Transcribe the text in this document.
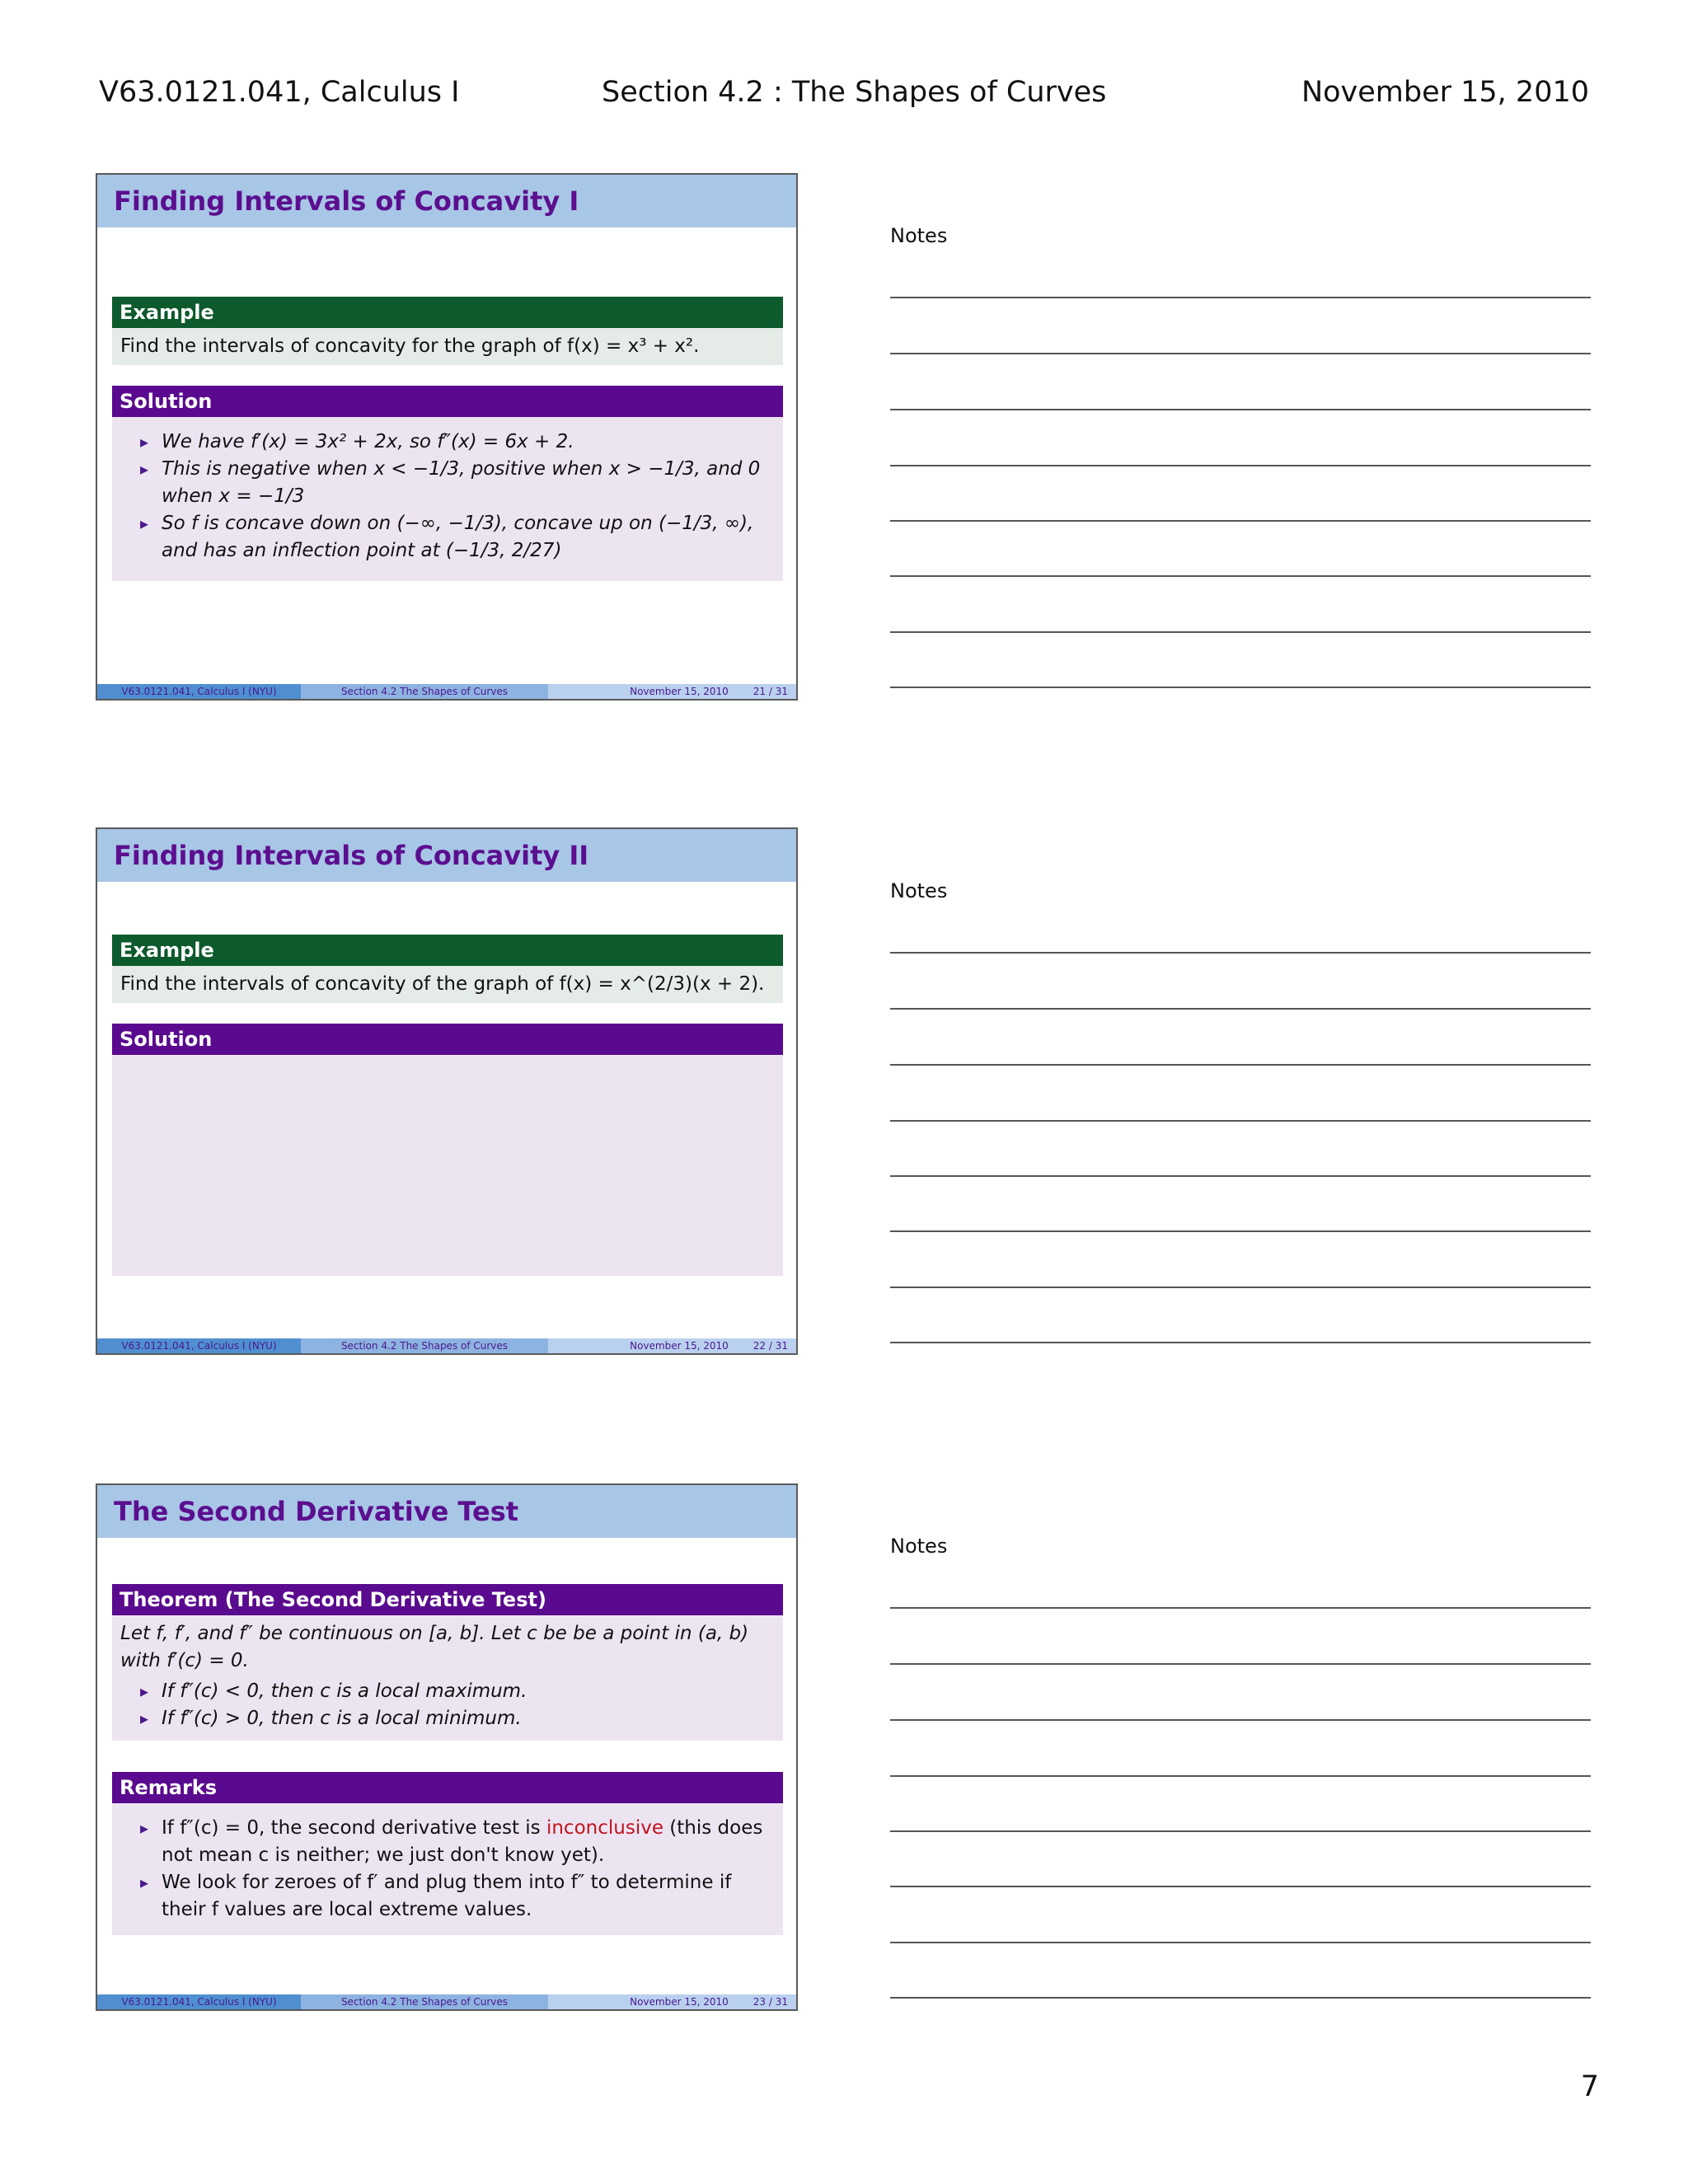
V63.0121.041, Calculus I	Section 4.2 : The Shapes of Curves	November 15, 2010
Finding Intervals of Concavity I
Example
Find the intervals of concavity for the graph of f(x) = x³ + x².
Solution
▸ We have f′(x) = 3x² + 2x, so f″(x) = 6x + 2.
▸ This is negative when x < −1/3, positive when x > −1/3, and 0 when x = −1/3
▸ So f is concave down on (−∞, −1/3), concave up on (−1/3, ∞), and has an inflection point at (−1/3, 2/27)
V63.0121.041, Calculus I (NYU)	Section 4.2 The Shapes of Curves	November 15, 2010	21 / 31
Finding Intervals of Concavity II
Example
Find the intervals of concavity of the graph of f(x) = x^(2/3)(x + 2).
Solution
V63.0121.041, Calculus I (NYU)	Section 4.2 The Shapes of Curves	November 15, 2010	22 / 31
The Second Derivative Test
Theorem (The Second Derivative Test)
Let f, f′, and f″ be continuous on [a, b]. Let c be be a point in (a, b) with f′(c) = 0.
▸ If f″(c) < 0, then c is a local maximum.
▸ If f″(c) > 0, then c is a local minimum.
Remarks
▸ If f″(c) = 0, the second derivative test is inconclusive (this does not mean c is neither; we just don't know yet).
▸ We look for zeroes of f′ and plug them into f″ to determine if their f values are local extreme values.
V63.0121.041, Calculus I (NYU)	Section 4.2 The Shapes of Curves	November 15, 2010	23 / 31
Notes
Notes
Notes
7
